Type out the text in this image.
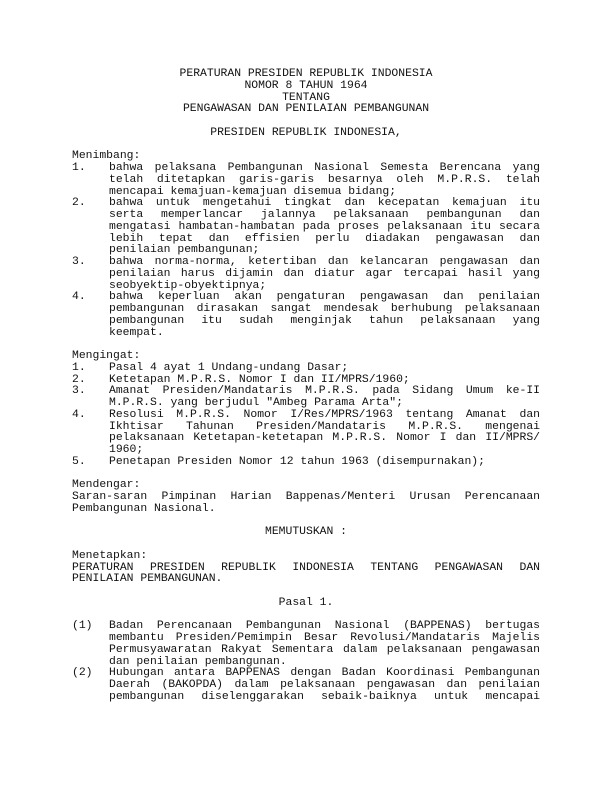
PERATURAN PRESIDEN REPUBLIK INDONESIA
NOMOR 8 TAHUN 1964
TENTANG
PENGAWASAN DAN PENILAIAN PEMBANGUNAN
PRESIDEN REPUBLIK INDONESIA,
Menimbang:
1.	bahwa pelaksana Pembangunan Nasional Semesta Berencana yang
telah ditetapkan garis-garis besarnya oleh M.P.R.S. telah
mencapai kemajuan-kemajuan disemua bidang;
2.	bahwa untuk mengetahui tingkat dan kecepatan kemajuan itu
serta memperlancar jalannya pelaksanaan pembangunan dan
mengatasi hambatan-hambatan pada proses pelaksanaan itu secara
lebih tepat dan effisien perlu diadakan pengawasan dan
penilaian pembangunan;
3.	bahwa norma-norma, ketertiban dan kelancaran pengawasan dan
penilaian harus dijamin dan diatur agar tercapai hasil yang
seobyektip-obyektipnya;
4.	bahwa keperluan akan pengaturan pengawasan dan penilaian
pembangunan dirasakan sangat mendesak berhubung pelaksanaan
pembangunan itu sudah menginjak tahun pelaksanaan yang
keempat.
Mengingat:
1.	Pasal 4 ayat 1 Undang-undang Dasar;
2.	Ketetapan M.P.R.S. Nomor I dan II/MPRS/1960;
3.	Amanat Presiden/Mandataris M.P.R.S. pada Sidang Umum ke-II
M.P.R.S. yang berjudul "Ambeg Parama Arta";
4.	Resolusi M.P.R.S. Nomor I/Res/MPRS/1963 tentang Amanat dan
Ikhtisar Tahunan Presiden/Mandataris M.P.R.S. mengenai
pelaksanaan Ketetapan-ketetapan M.P.R.S. Nomor I dan II/MPRS/
1960;
5.	Penetapan Presiden Nomor 12 tahun 1963 (disempurnakan);
Mendengar:
Saran-saran Pimpinan Harian Bappenas/Menteri Urusan Perencanaan
Pembangunan Nasional.
MEMUTUSKAN :
Menetapkan:
PERATURAN PRESIDEN REPUBLIK INDONESIA TENTANG PENGAWASAN DAN
PENILAIAN PEMBANGUNAN.
Pasal 1.
(1)	Badan Perencanaan Pembangunan Nasional (BAPPENAS) bertugas
membantu Presiden/Pemimpin Besar Revolusi/Mandataris Majelis
Permusyawaratan Rakyat Sementara dalam pelaksanaan pengawasan
dan penilaian pembangunan.
(2)	Hubungan antara BAPPENAS dengan Badan Koordinasi Pembangunan
Daerah (BAKOPDA) dalam pelaksanaan pengawasan dan penilaian
pembangunan diselenggarakan sebaik-baiknya untuk mencapai
